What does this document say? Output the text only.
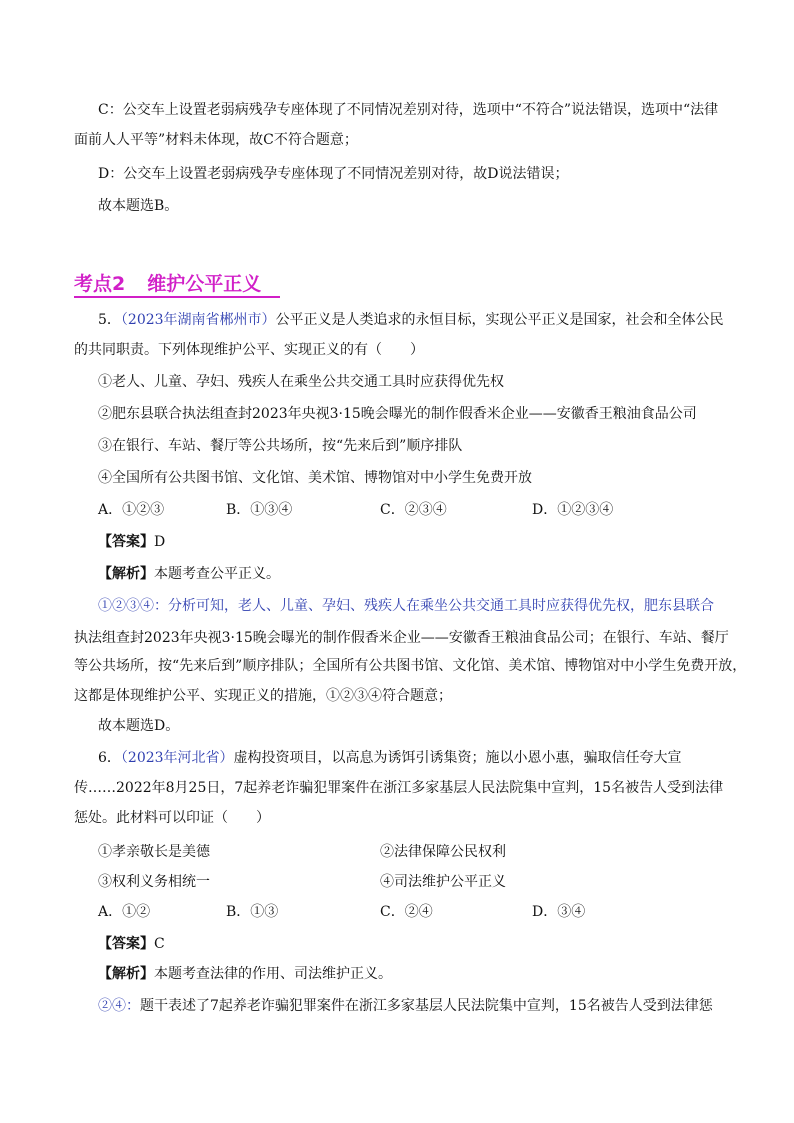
C：公交车上设置老弱病残孕专座体现了不同情况差别对待，选项中“不符合”说法错误，选项中“法律
面前人人平等”材料未体现，故C不符合题意；
D：公交车上设置老弱病残孕专座体现了不同情况差别对待，故D说法错误；
故本题选B。
考点2 维护公平正义
5．（2023年湖南省郴州市）公平正义是人类追求的永恒目标，实现公平正义是国家，社会和全体公民
的共同职责。下列体现维护公平、实现正义的有（　　）
①老人、儿童、孕妇、残疾人在乘坐公共交通工具时应获得优先权
②肥东县联合执法组查封2023年央视3·15晚会曝光的制作假香米企业——安徽香王粮油食品公司
③在银行、车站、餐厅等公共场所，按“先来后到”顺序排队
④全国所有公共图书馆、文化馆、美术馆、博物馆对中小学生免费开放
A．①②③	B．①③④	C．②③④	D．①②③④
【答案】D
【解析】本题考查公平正义。
①②③④：分析可知，老人、儿童、孕妇、残疾人在乘坐公共交通工具时应获得优先权，肥东县联合
执法组查封2023年央视3·15晚会曝光的制作假香米企业——安徽香王粮油食品公司；在银行、车站、餐厅
等公共场所，按“先来后到”顺序排队；全国所有公共图书馆、文化馆、美术馆、博物馆对中小学生免费开放，
这都是体现维护公平、实现正义的措施，①②③④符合题意；
故本题选D。
6．（2023年河北省）虚构投资项目，以高息为诱饵引诱集资；施以小恩小惠，骗取信任夸大宣
传……2022年8月25日，7起养老诈骗犯罪案件在浙江多家基层人民法院集中宣判，15名被告人受到法律
惩处。此材料可以印证（　　）
①孝亲敬长是美德	②法律保障公民权利
③权利义务相统一	④司法维护公平正义
A．①②	B．①③	C．②④	D．③④
【答案】C
【解析】本题考查法律的作用、司法维护正义。
②④：题干表述了7起养老诈骗犯罪案件在浙江多家基层人民法院集中宣判，15名被告人受到法律惩
